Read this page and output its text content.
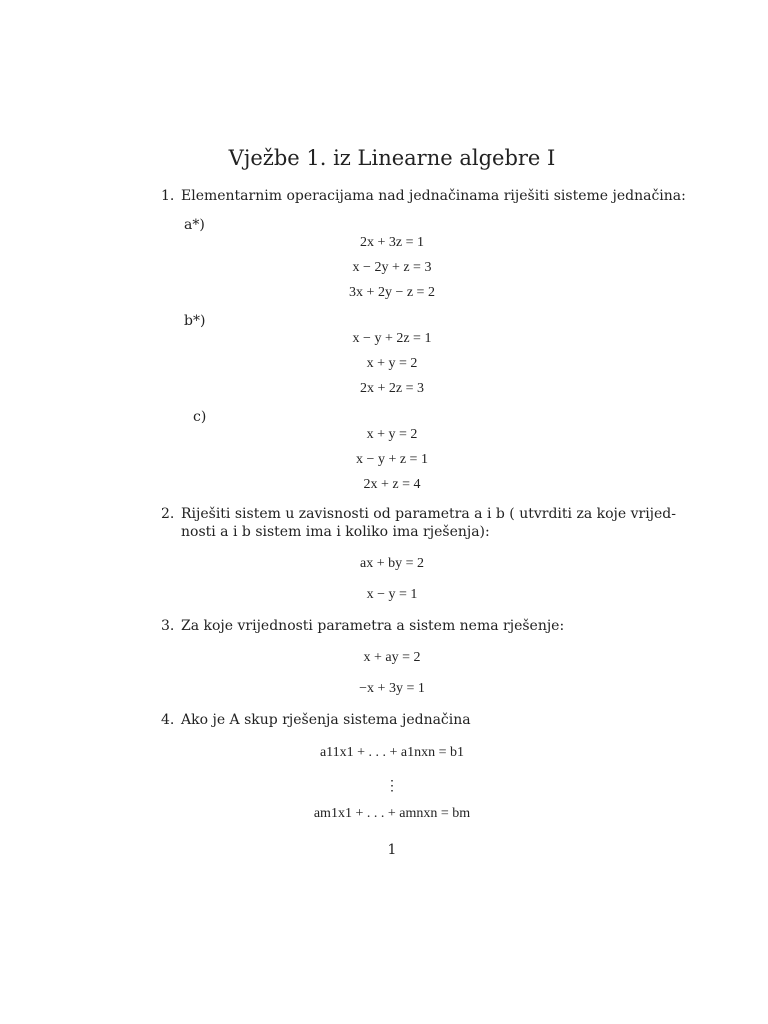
Vježbe 1. iz Linearne algebre I
1. Elementarnim operacijama nad jednačinama riješiti sisteme jednačina:
a*)
2x + 3z = 1
x − 2y + z = 3
3x + 2y − z = 2
b*)
x − y + 2z = 1
x + y = 2
2x + 2z = 3
c)
x + y = 2
x − y + z = 1
2x + z = 4
2. Riješiti sistem u zavisnosti od parametra a i b ( utvrditi za koje vrijed-
nosti a i b sistem ima i koliko ima rješenja):
ax + by = 2
x − y = 1
3. Za koje vrijednosti parametra a sistem nema rješenje:
x + ay = 2
−x + 3y = 1
4. Ako je A skup rješenja sistema jednačina
a11x1 + . . . + a1nxn = b1
⋮
am1x1 + . . . + amnxn = bm
1
